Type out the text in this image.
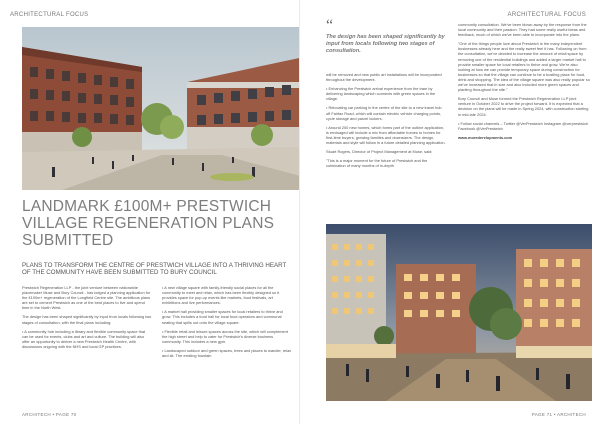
ARCHITECTURAL FOCUS
LANDMARK £100M+ PRESTWICH VILLAGE REGENERATION PLANS SUBMITTED
PLANS TO TRANSFORM THE CENTRE OF PRESTWICH VILLAGE INTO A THRIVING HEART OF THE COMMUNITY HAVE BEEN SUBMITTED TO BURY COUNCIL

Prestwich Regeneration LLP - the joint venture between nationwide placemaker Muse and Bury Council - has lodged a planning application for the £100m+ regeneration of the Longfield Centre site. The ambitious plans are set to cement Prestwich as one of the best places to live and spend time in the North West.

The design has been shaped significantly by input from locals following two stages of consultation, with the final plans including:

• A community hub including a library and flexible community space that can be used for events, clubs and art and culture. The building will also offer an opportunity to deliver a new Prestwich Health Centre, with discussions ongoing with the NHS and local GP practices.

• A new village square with family-friendly social places for all the community to meet and relax, which has been flexibly designed so it provides space for pop-up events like markets, food festivals, art exhibitions and live performances.

• A market hall providing smaller spaces for local retailers to thrive and grow. This includes a food hall for local food operators and communal seating that spills out onto the village square.

• Flexible retail and leisure spaces across the site, which will complement the high street and help to cater for Prestwich's diverse business community. This includes a new gym.

• Landscaped outdoor and green spaces, trees and places to wander, relax and sit. The existing fountain

ARCHITECH • PAGE 70
ARCHITECTURAL FOCUS
PAGE 71 • ARCHITECH
“
The design has been shaped significantly by input from locals following two stages of consultation.

will be removed and new public art installations will be incorporated throughout the development.

• Enhancing the Prestwich arrival experience from the tram by delivering landscaping which connects with green spaces in the village.

• Relocating car parking in the centre of the site to a new travel hub off Fairfax Road, which will contain electric vehicle charging points, cycle storage and parcel lockers.

• Around 200 new homes, which forms part of the outline application, is envisaged will include a mix from affordable homes to homes for first-time buyers, growing families and downsizers. The design, materials and style will follow in a future detailed planning application.

Stuart Rogers, Director of Project Management at Muse, said:

"This is a major moment for the future of Prestwich and the culmination of many months of in-depth

community consultation. We've been blown away by the response from the local community and their passion. They had some really useful ideas and feedback, much of which we've been able to incorporate into the plans.

"One of the things people love about Prestwich is the many independent businesses already here and the really sweet feel it has. Following on from the consultation, we've decided to increase the amount of retail space by removing one of the residential buildings and added a larger market hall to provide smaller space for local retailers to thrive and grow. We're also looking at how we can provide temporary space during construction for businesses so that the village can continue to be a bustling place for food, drink and shopping. The idea of the village square was also really popular so we've increased that in size and also included more green spaces and planting throughout the site."

Bury Council and Muse formed the Prestwich Regeneration LLP joint venture in October 2022 to drive the project forward. It is expected that a decision on the plans will be made in Spring 2024, with construction starting in mid-late 2024.

• Follow social channels – Twitter @VerPrestwich Instagram @verprestwich Facebook @VerPrestwich

www.morederelopments.com
